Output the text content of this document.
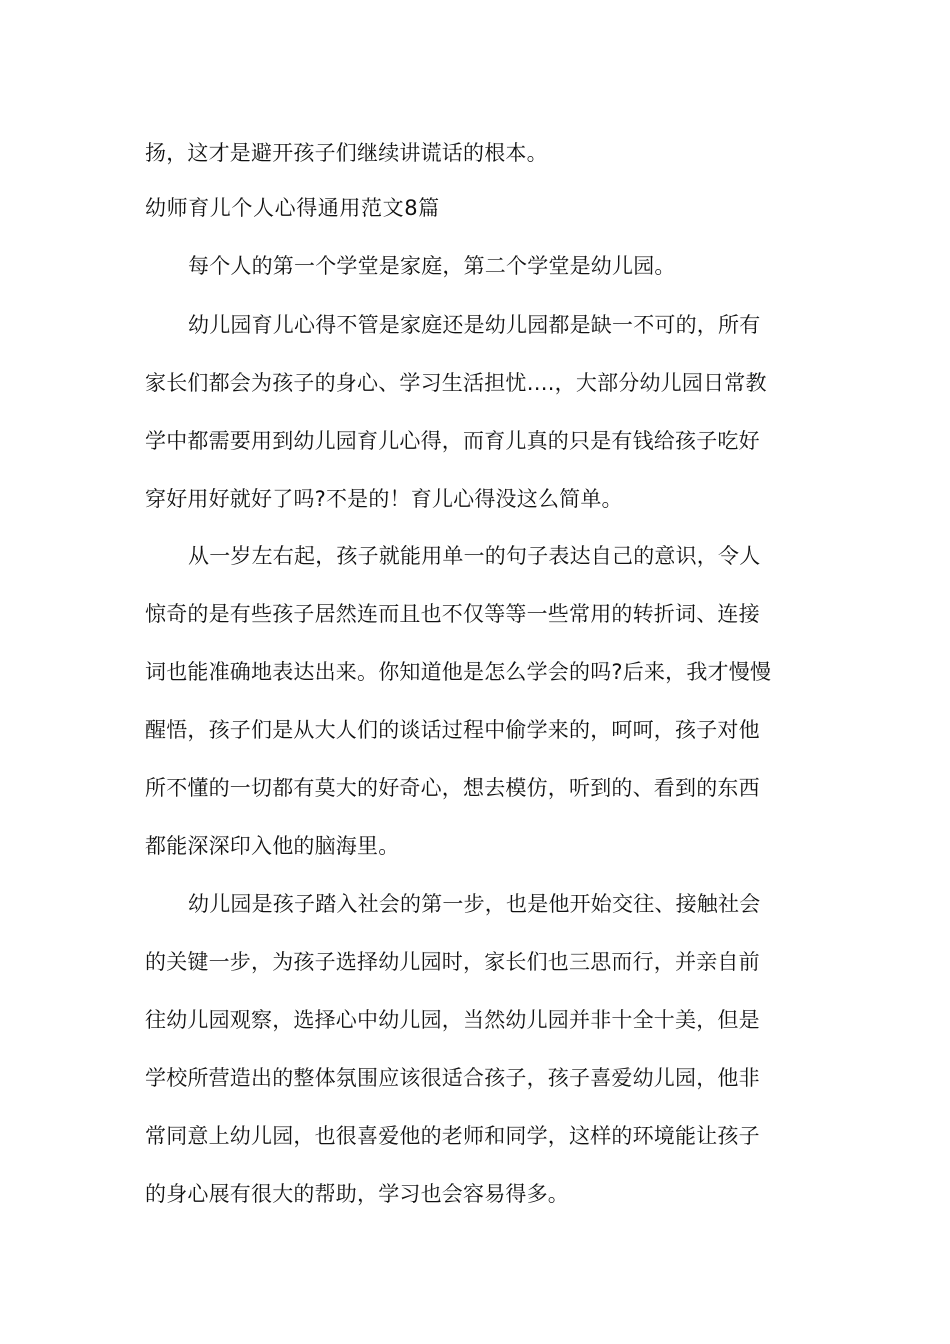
扬，这才是避开孩子们继续讲谎话的根本。
幼师育儿个人心得通用范文8篇
每个人的第一个学堂是家庭，第二个学堂是幼儿园。
幼儿园育儿心得不管是家庭还是幼儿园都是缺一不可的，所有
家长们都会为孩子的身心、学习生活担忧….，大部分幼儿园日常教
学中都需要用到幼儿园育儿心得，而育儿真的只是有钱给孩子吃好
穿好用好就好了吗?不是的！育儿心得没这么简单。
从一岁左右起，孩子就能用单一的句子表达自己的意识，令人
惊奇的是有些孩子居然连而且也不仅等等一些常用的转折词、连接
词也能准确地表达出来。你知道他是怎么学会的吗?后来，我才慢慢
醒悟，孩子们是从大人们的谈话过程中偷学来的，呵呵，孩子对他
所不懂的一切都有莫大的好奇心，想去模仿，听到的、看到的东西
都能深深印入他的脑海里。
幼儿园是孩子踏入社会的第一步，也是他开始交往、接触社会
的关键一步，为孩子选择幼儿园时，家长们也三思而行，并亲自前
往幼儿园观察，选择心中幼儿园，当然幼儿园并非十全十美，但是
学校所营造出的整体氛围应该很适合孩子，孩子喜爱幼儿园，他非
常同意上幼儿园，也很喜爱他的老师和同学，这样的环境能让孩子
的身心展有很大的帮助，学习也会容易得多。
